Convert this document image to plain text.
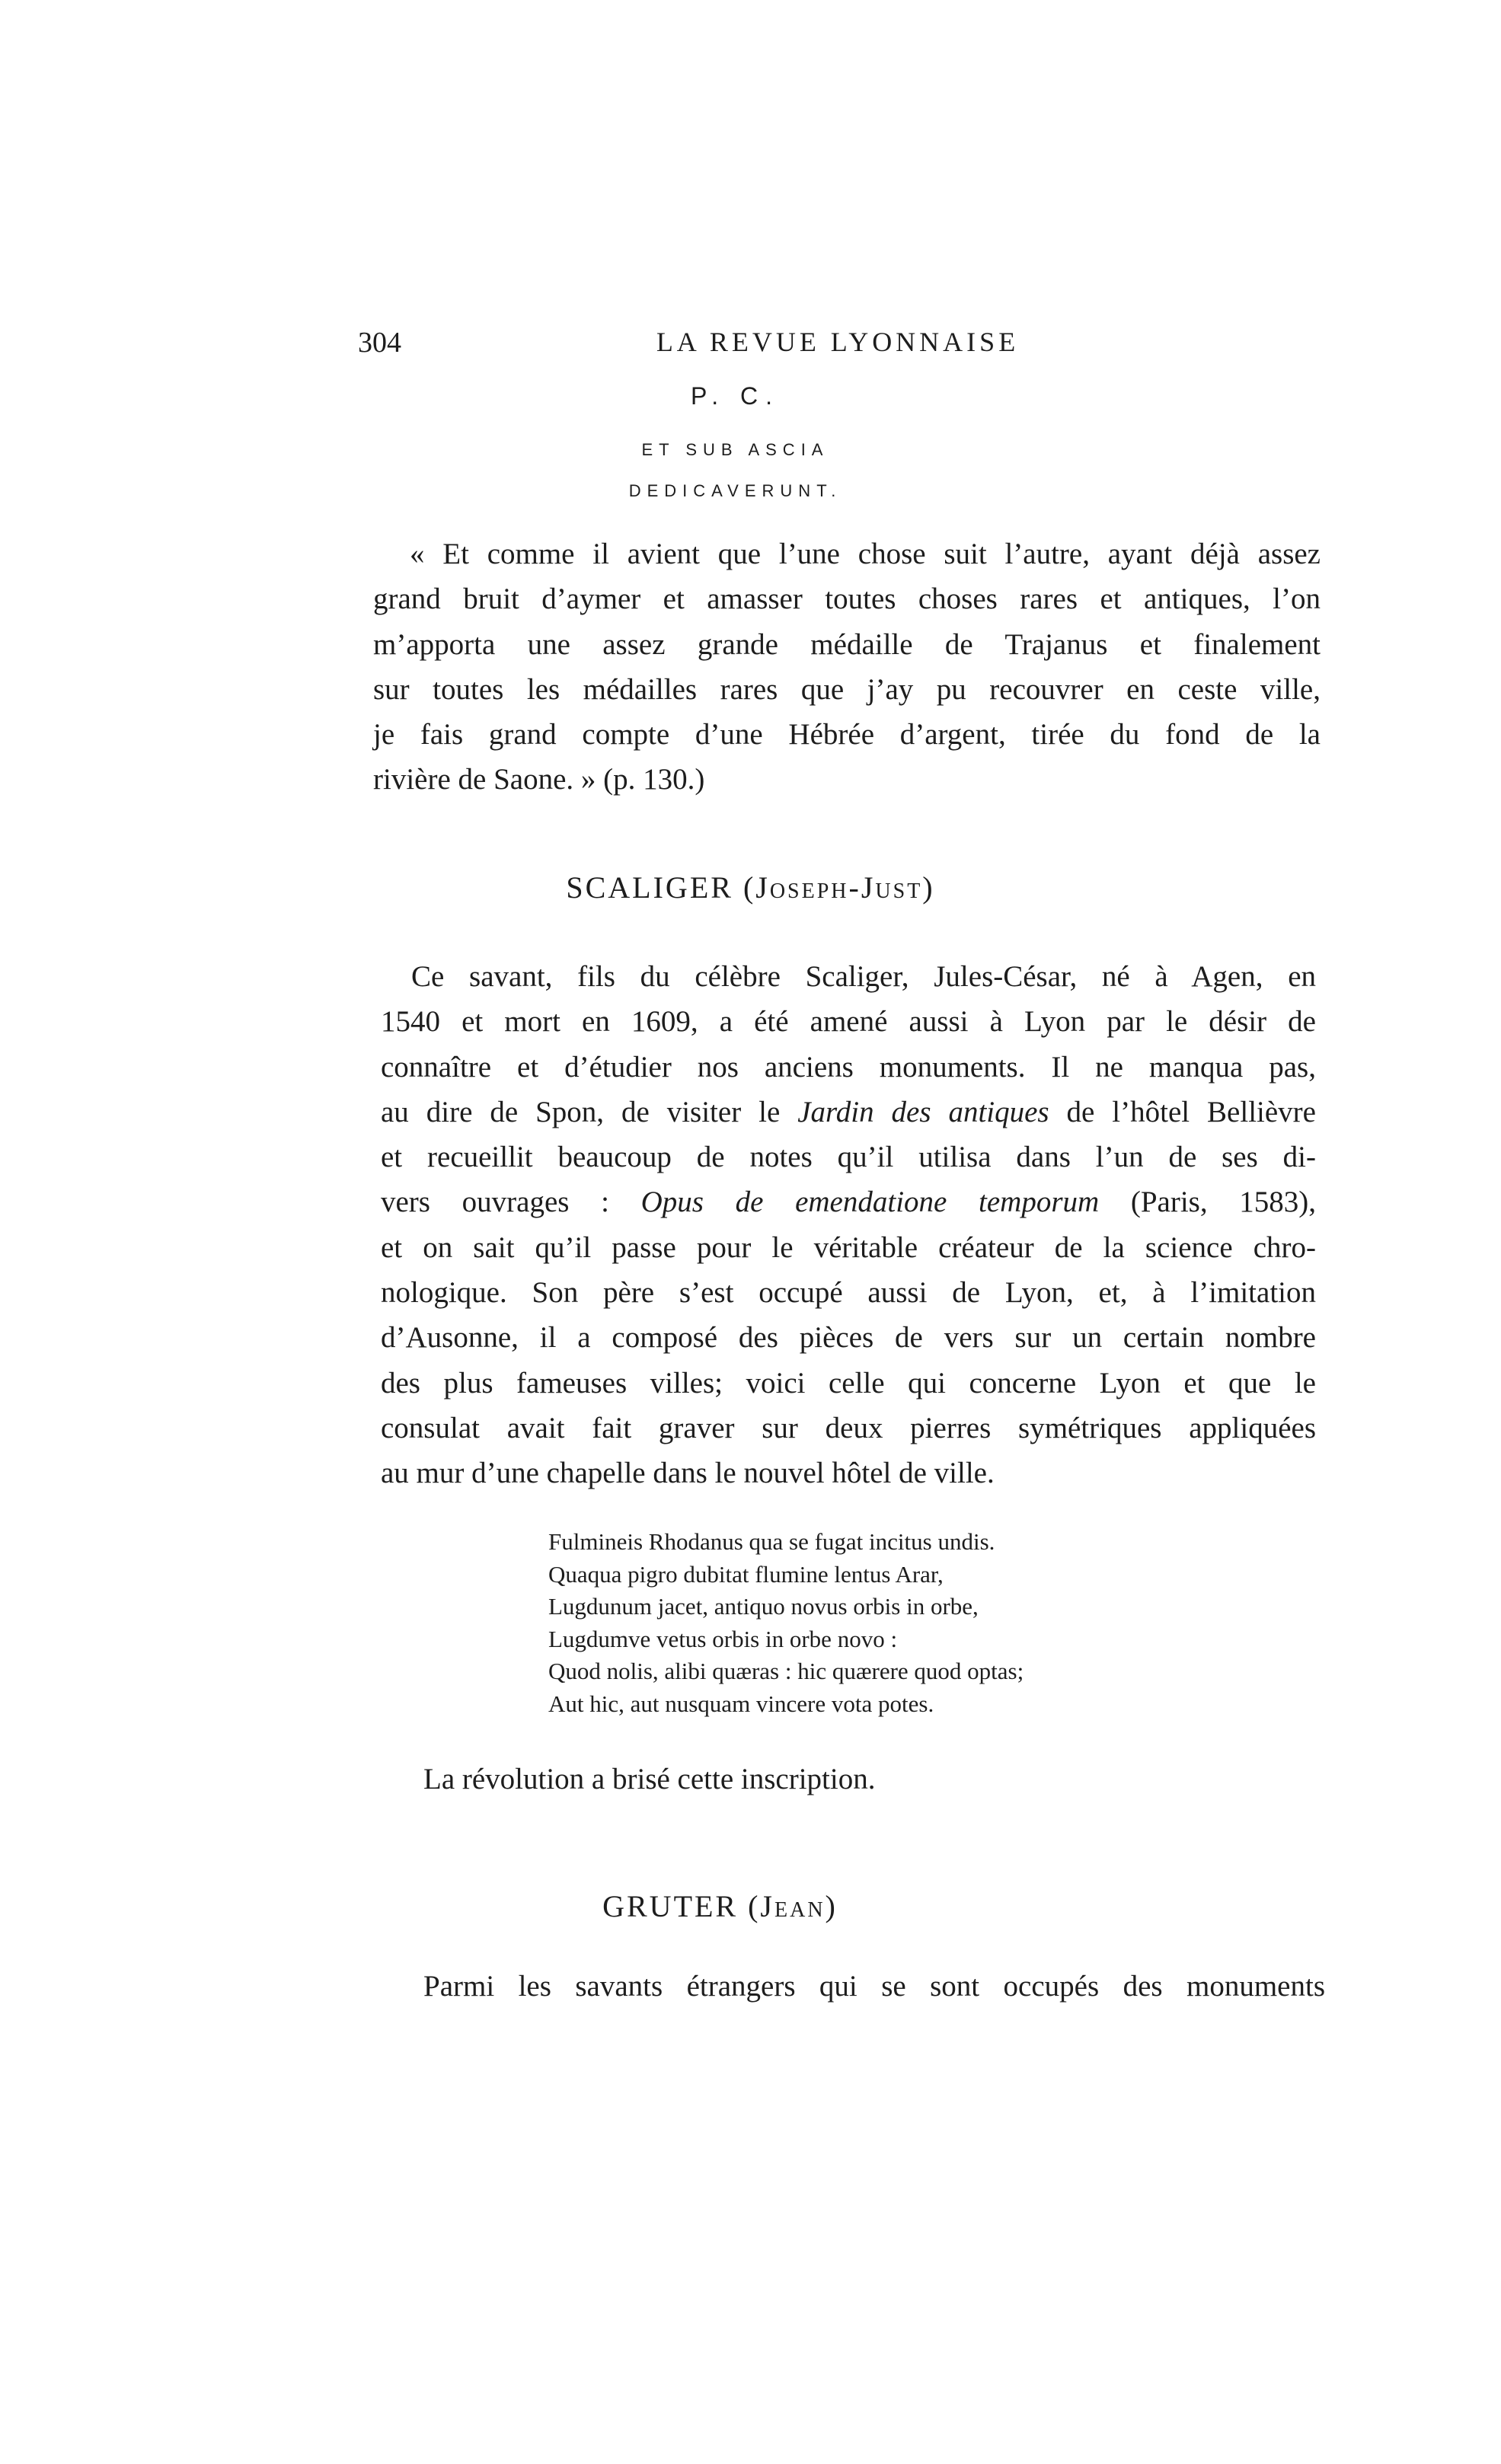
304	LA REVUE LYONNAISE
P. C.
ET SUB ASCIA
DEDICAVERUNT.
« Et comme il avient que l’une chose suit l’autre, ayant déjà assez
grand bruit d’aymer et amasser toutes choses rares et antiques, l’on
m’apporta une assez grande médaille de Trajanus et finalement
sur toutes les médailles rares que j’ay pu recouvrer en ceste ville,
je fais grand compte d’une Hébrée d’argent, tirée du fond de la
rivière de Saone. » (p. 130.)
SCALIGER (Joseph-Just)
Ce savant, fils du célèbre Scaliger, Jules-César, né à Agen, en
1540 et mort en 1609, a été amené aussi à Lyon par le désir de
connaître et d’étudier nos anciens monuments. Il ne manqua pas,
au dire de Spon, de visiter le Jardin des antiques de l’hôtel Bellièvre
et recueillit beaucoup de notes qu’il utilisa dans l’un de ses di-
vers ouvrages : Opus de emendatione temporum (Paris, 1583),
et on sait qu’il passe pour le véritable créateur de la science chro-
nologique. Son père s’est occupé aussi de Lyon, et, à l’imitation
d’Ausonne, il a composé des pièces de vers sur un certain nombre
des plus fameuses villes; voici celle qui concerne Lyon et que le
consulat avait fait graver sur deux pierres symétriques appliquées
au mur d’une chapelle dans le nouvel hôtel de ville.
Fulmineis Rhodanus qua se fugat incitus undis.
Quaqua pigro dubitat flumine lentus Arar,
Lugdunum jacet, antiquo novus orbis in orbe,
Lugdumve vetus orbis in orbe novo :
Quod nolis, alibi quæras : hic quærere quod optas;
Aut hic, aut nusquam vincere vota potes.
La révolution a brisé cette inscription.
GRUTER (Jean)
Parmi les savants étrangers qui se sont occupés des monuments
